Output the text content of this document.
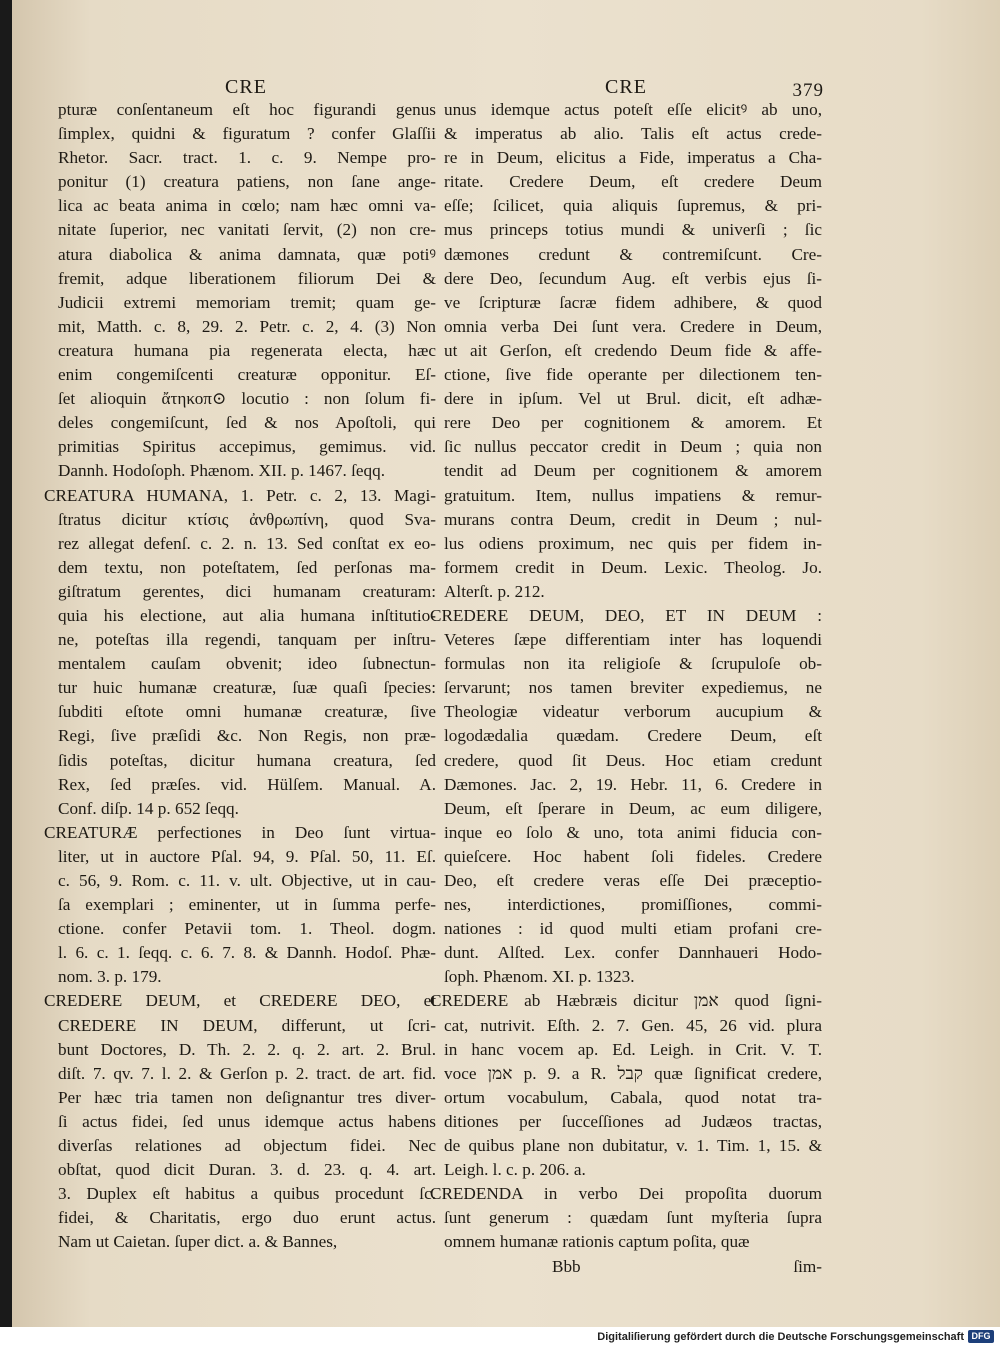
CRE
pturæ conſentaneum eſt hoc figurandi genus
ſimplex, quidni & figuratum ? confer Glaſſii
Rhetor. Sacr. tract. 1. c. 9. Nempe pro-
ponitur (1) creatura patiens, non ſane ange-
lica ac beata anima in cœlo; nam hæc omni va-
nitate ſuperior, nec vanitati ſervit, (2) non cre-
atura diabolica & anima damnata, quæ potiꝰ
fremit, adque liberationem filiorum Dei &
Judicii extremi memoriam tremit; quam ge-
mit, Matth. c. 8, 29. 2. Petr. c. 2, 4. (3) Non
creatura humana pia regenerata electa, hæc
enim congemiſcenti creaturæ opponitur. Eſ-
ſet alioquin ἄτηκοπ⊙ locutio : non ſolum fi-
deles congemiſcunt, ſed & nos Apoſtoli, qui
primitias Spiritus accepimus, gemimus. vid.
Dannh. Hodoſoph. Phænom. XII. p. 1467. ſeqq.
CREATURA HUMANA, 1. Petr. c. 2, 13. Magi-
ſtratus dicitur κτίσις ἀνθρωπίνη, quod Sva-
rez allegat defenſ. c. 2. n. 13. Sed conſtat ex eo-
dem textu, non poteſtatem, ſed perſonas ma-
giſtratum gerentes, dici humanam creaturam:
quia his electione, aut alia humana inſtitutio-
ne, poteſtas illa regendi, tanquam per inſtru-
mentalem cauſam obvenit; ideo ſubnectun-
tur huic humanæ creaturæ, ſuæ quaſi ſpecies:
ſubditi eſtote omni humanæ creaturæ, ſive
Regi, ſive præſidi &c. Non Regis, non præ-
ſidis poteſtas, dicitur humana creatura, ſed
Rex, ſed præſes. vid. Hülſem. Manual. A.
Conf. diſp. 14 p. 652 ſeqq.
CREATURÆ perfectiones in Deo ſunt virtua-
liter, ut in auctore Pſal. 94, 9. Pſal. 50, 11. Eſ.
c. 56, 9. Rom. c. 11. v. ult. Objective, ut in cau-
ſa exemplari ; eminenter, ut in ſumma perfe-
ctione. confer Petavii tom. 1. Theol. dogm.
l. 6. c. 1. ſeqq. c. 6. 7. 8. & Dannh. Hodoſ. Phæ-
nom. 3. p. 179.
CREDERE DEUM, et CREDERE DEO, et
CREDERE IN DEUM, differunt, ut ſcri-
bunt Doctores, D. Th. 2. 2. q. 2. art. 2. Brul.
diſt. 7. qv. 7. l. 2. & Gerſon p. 2. tract. de art. fid.
Per hæc tria tamen non deſignantur tres diver-
ſi actus fidei, ſed unus idemque actus habens
diverſas relationes ad objectum fidei. Nec
obſtat, quod dicit Duran. 3. d. 23. q. 4. art.
3. Duplex eſt habitus a quibus procedunt ſc.
fidei, & Charitatis, ergo duo erunt actus.
Nam ut Caietan. ſuper dict. a. & Bannes,
CRE	379
unus idemque actus poteſt eſſe elicitꝰ ab uno,
& imperatus ab alio. Talis eſt actus crede-
re in Deum, elicitus a Fide, imperatus a Cha-
ritate. Credere Deum, eſt credere Deum
eſſe; ſcilicet, quia aliquis ſupremus, & pri-
mus princeps totius mundi & univerſi ; ſic
dæmones credunt & contremiſcunt. Cre-
dere Deo, ſecundum Aug. eſt verbis ejus ſi-
ve ſcripturæ ſacræ fidem adhibere, & quod
omnia verba Dei ſunt vera. Credere in Deum,
ut ait Gerſon, eſt credendo Deum fide & affe-
ctione, ſive fide operante per dilectionem ten-
dere in ipſum. Vel ut Brul. dicit, eſt adhæ-
rere Deo per cognitionem & amorem. Et
ſic nullus peccator credit in Deum ; quia non
tendit ad Deum per cognitionem & amorem
gratuitum. Item, nullus impatiens & remur-
murans contra Deum, credit in Deum ; nul-
lus odiens proximum, nec quis per fidem in-
formem credit in Deum. Lexic. Theolog. Jo.
Alterſt. p. 212.
CREDERE DEUM, DEO, ET IN DEUM :
Veteres ſæpe differentiam inter has loquendi
formulas non ita religioſe & ſcrupuloſe ob-
ſervarunt; nos tamen breviter expediemus, ne
Theologiæ videatur verborum aucupium &
logodædalia quædam. Credere Deum, eſt
credere, quod ſit Deus. Hoc etiam credunt
Dæmones. Jac. 2, 19. Hebr. 11, 6. Credere in
Deum, eſt ſperare in Deum, ac eum diligere,
inque eo ſolo & uno, tota animi fiducia con-
quieſcere. Hoc habent ſoli fideles. Credere
Deo, eſt credere veras eſſe Dei præceptio-
nes, interdictiones, promiſſiones, commi-
nationes : id quod multi etiam profani cre-
dunt. Alſted. Lex. confer Dannhaueri Hodo-
ſoph. Phænom. XI. p. 1323.
CREDERE ab Hæbræis dicitur אמן quod ſigni-
cat, nutrivit. Eſth. 2. 7. Gen. 45, 26 vid. plura
in hanc vocem ap. Ed. Leigh. in Crit. V. T.
voce אמן p. 9. a R. קבל quæ ſignificat credere,
ortum vocabulum, Cabala, quod notat tra-
ditiones per ſucceſſiones ad Judæos tractas,
de quibus plane non dubitatur, v. 1. Tim. 1, 15. &
Leigh. l. c. p. 206. a.
CREDENDA in verbo Dei propoſita duorum
ſunt generum : quædam ſunt myſteria ſupra
omnem humanæ rationis captum poſita, quæ
Bbb	ſim-
Digitaliſierung gefördert durch die Deutsche Forschungsgemeinschaft DFG
